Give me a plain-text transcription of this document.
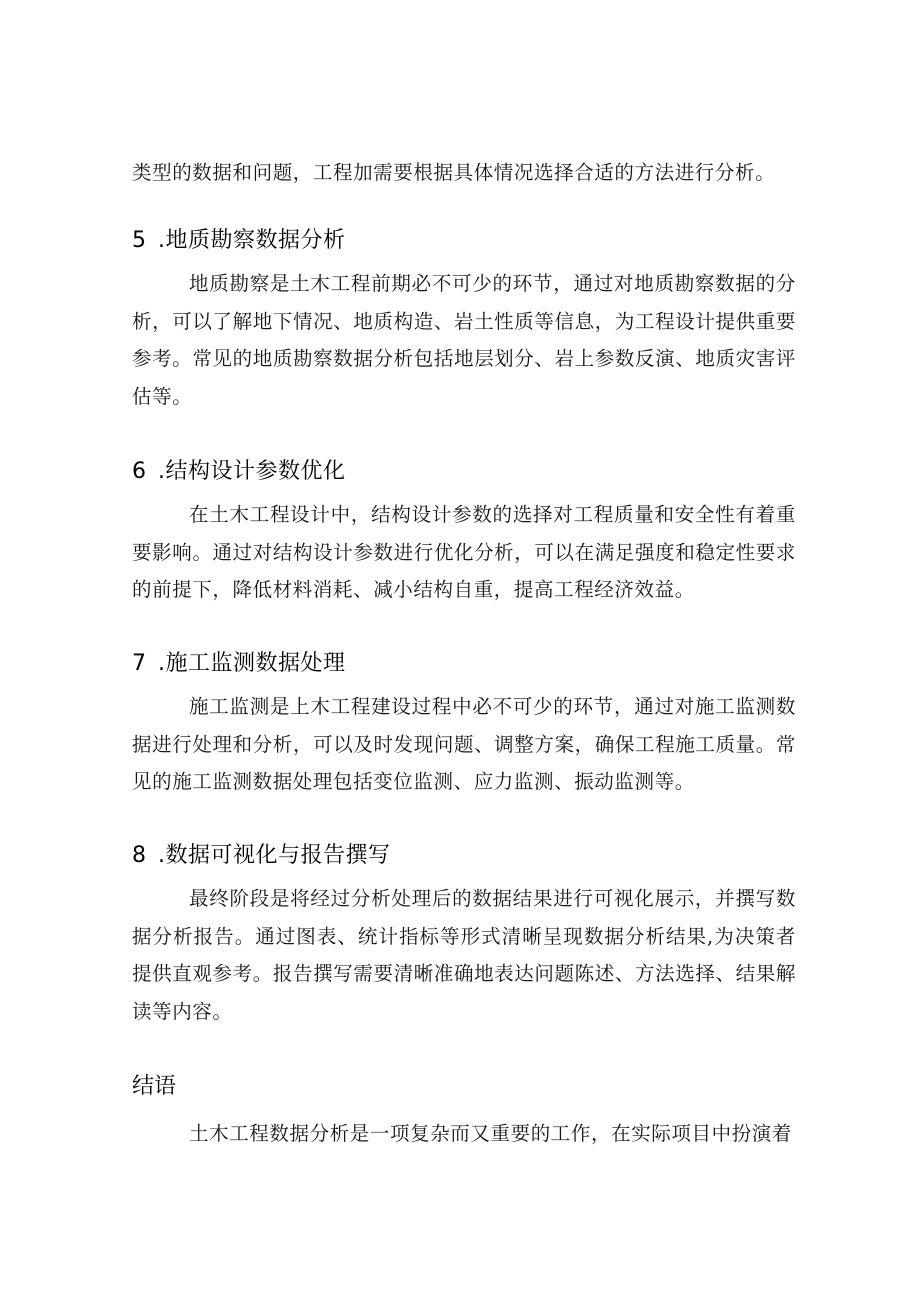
类型的数据和问题，工程加需要根据具体情况选择合适的方法进行分析。

5 .地质勘察数据分析

地质勘察是土木工程前期必不可少的环节，通过对地质勘察数据的分析，可以了解地下情况、地质构造、岩土性质等信息，为工程设计提供重要参考。常见的地质勘察数据分析包括地层划分、岩上参数反演、地质灾害评估等。

6 .结构设计参数优化

在土木工程设计中，结构设计参数的选择对工程质量和安全性有着重要影响。通过对结构设计参数进行优化分析，可以在满足强度和稳定性要求的前提下，降低材料消耗、减小结构自重，提高工程经济效益。

7 .施工监测数据处理

施工监测是上木工程建设过程中必不可少的环节，通过对施工监测数据进行处理和分析，可以及时发现问题、调整方案，确保工程施工质量。常见的施工监测数据处理包括变位监测、应力监测、振动监测等。

8 .数据可视化与报告撰写

最终阶段是将经过分析处理后的数据结果进行可视化展示，并撰写数据分析报告。通过图表、统计指标等形式清晰呈现数据分析结果,为决策者提供直观参考。报告撰写需要清晰准确地表达问题陈述、方法选择、结果解读等内容。

结语

土木工程数据分析是一项复杂而又重要的工作，在实际项目中扮演着
